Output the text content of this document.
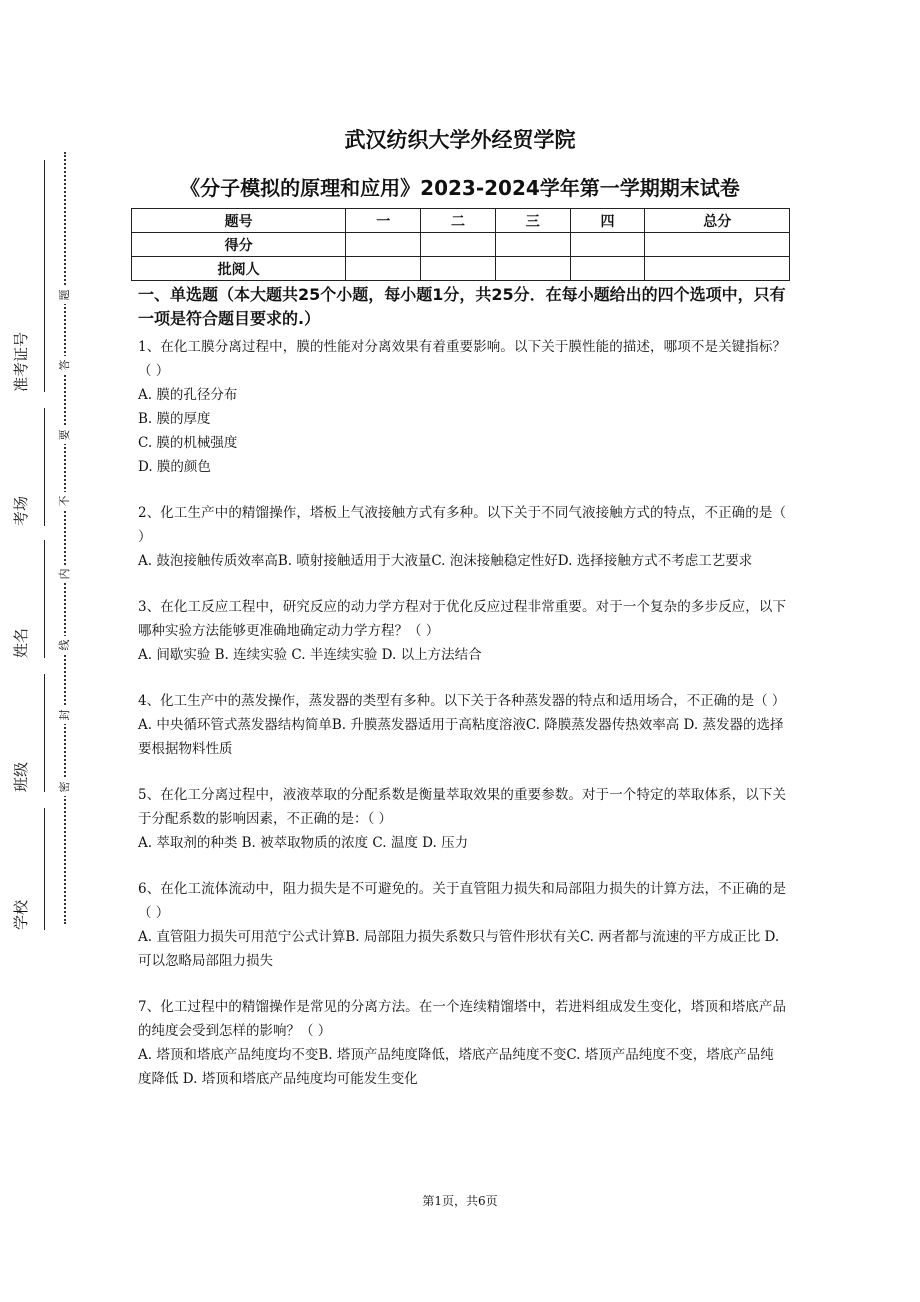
题
答
要
不
内
线
封
密
准考证号
考场
姓名
班级
学校
武汉纺织大学外经贸学院
《分子模拟的原理和应用》2023-2024学年第一学期期末试卷
题号	一	二	三	四	总分
得分					
批阅人					
一、单选题（本大题共25个小题，每小题1分，共25分．在每小题给出的四个选项中，只有一项是符合题目要求的.）

1、在化工膜分离过程中，膜的性能对分离效果有着重要影响。以下关于膜性能的描述，哪项不是关键指标？（ ）

A. 膜的孔径分布

B. 膜的厚度

C. 膜的机械强度

D. 膜的颜色

2、化工生产中的精馏操作，塔板上气液接触方式有多种。以下关于不同气液接触方式的特点，不正确的是（ ）

A. 鼓泡接触传质效率高B. 喷射接触适用于大液量C. 泡沫接触稳定性好D. 选择接触方式不考虑工艺要求

3、在化工反应工程中，研究反应的动力学方程对于优化反应过程非常重要。对于一个复杂的多步反应，以下哪种实验方法能够更准确地确定动力学方程？（ ）

A. 间歇实验 B. 连续实验 C. 半连续实验 D. 以上方法结合

4、化工生产中的蒸发操作，蒸发器的类型有多种。以下关于各种蒸发器的特点和适用场合，不正确的是（ ）

A. 中央循环管式蒸发器结构简单B. 升膜蒸发器适用于高粘度溶液C. 降膜蒸发器传热效率高 D. 蒸发器的选择要根据物料性质

5、在化工分离过程中，液液萃取的分配系数是衡量萃取效果的重要参数。对于一个特定的萃取体系，以下关于分配系数的影响因素，不正确的是：（ ）

A. 萃取剂的种类 B. 被萃取物质的浓度 C. 温度 D. 压力

6、在化工流体流动中，阻力损失是不可避免的。关于直管阻力损失和局部阻力损失的计算方法，不正确的是（ ）

A. 直管阻力损失可用范宁公式计算B. 局部阻力损失系数只与管件形状有关C. 两者都与流速的平方成正比 D. 可以忽略局部阻力损失

7、化工过程中的精馏操作是常见的分离方法。在一个连续精馏塔中，若进料组成发生变化，塔顶和塔底产品的纯度会受到怎样的影响？（ ）

A. 塔顶和塔底产品纯度均不变B. 塔顶产品纯度降低，塔底产品纯度不变C. 塔顶产品纯度不变，塔底产品纯度降低 D. 塔顶和塔底产品纯度均可能发生变化

第1页，共6页
